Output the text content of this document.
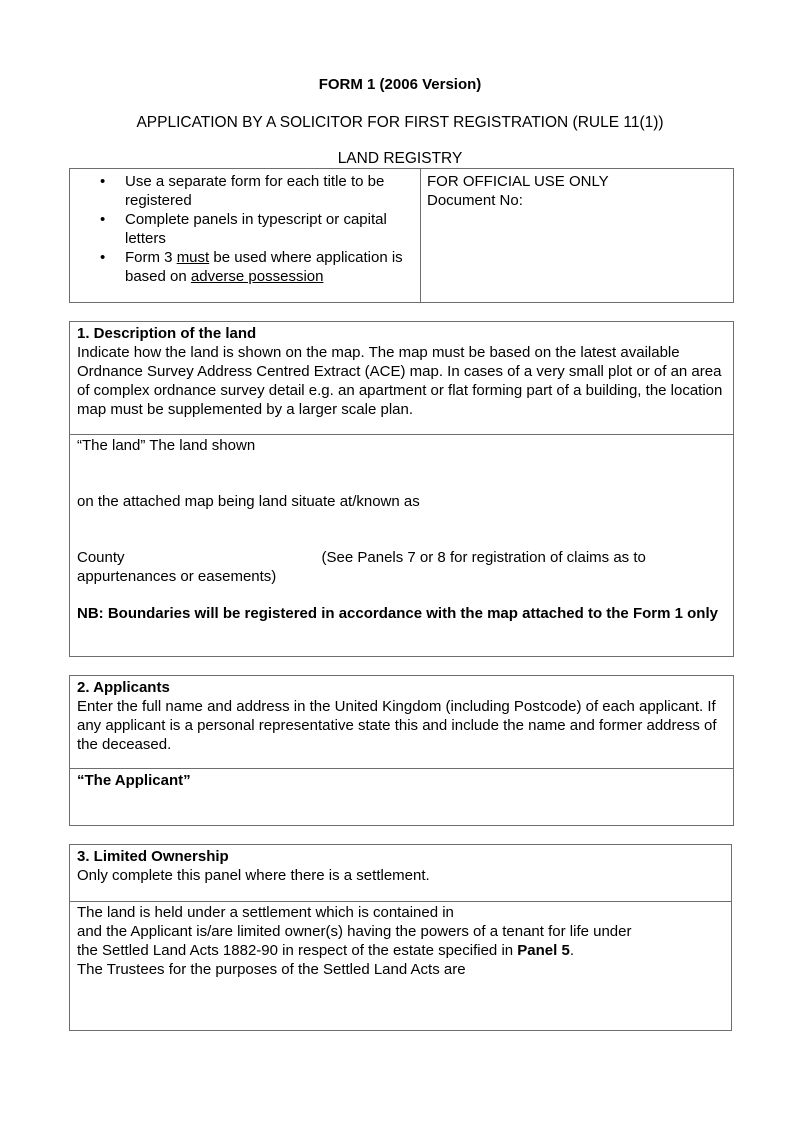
FORM 1 (2006 Version)
APPLICATION BY A SOLICITOR FOR FIRST REGISTRATION (RULE 11(1))
LAND REGISTRY
• Use a separate form for each title to be registered
• Complete panels in typescript or capital letters
• Form 3 must be used where application is based on adverse possession
FOR OFFICIAL USE ONLY
Document No:
1. Description of the land
Indicate how the land is shown on the map. The map must be based on the latest available Ordnance Survey Address Centred Extract (ACE) map. In cases of a very small plot or of an area of complex ordnance survey detail e.g. an apartment or flat forming part of a building, the location map must be supplemented by a larger scale plan.
“The land” The land shown
on the attached map being land situate at/known as
County	(See Panels 7 or 8 for registration of claims as to appurtenances or easements)
NB: Boundaries will be registered in accordance with the map attached to the Form 1 only
2. Applicants
Enter the full name and address in the United Kingdom (including Postcode) of each applicant. If any applicant is a personal representative state this and include the name and former address of the deceased.
“The Applicant”
3. Limited Ownership
Only complete this panel where there is a settlement.
The land is held under a settlement which is contained in
and the Applicant is/are limited owner(s) having the powers of a tenant for life under
the Settled Land Acts 1882-90 in respect of the estate specified in Panel 5.
The Trustees for the purposes of the Settled Land Acts are
